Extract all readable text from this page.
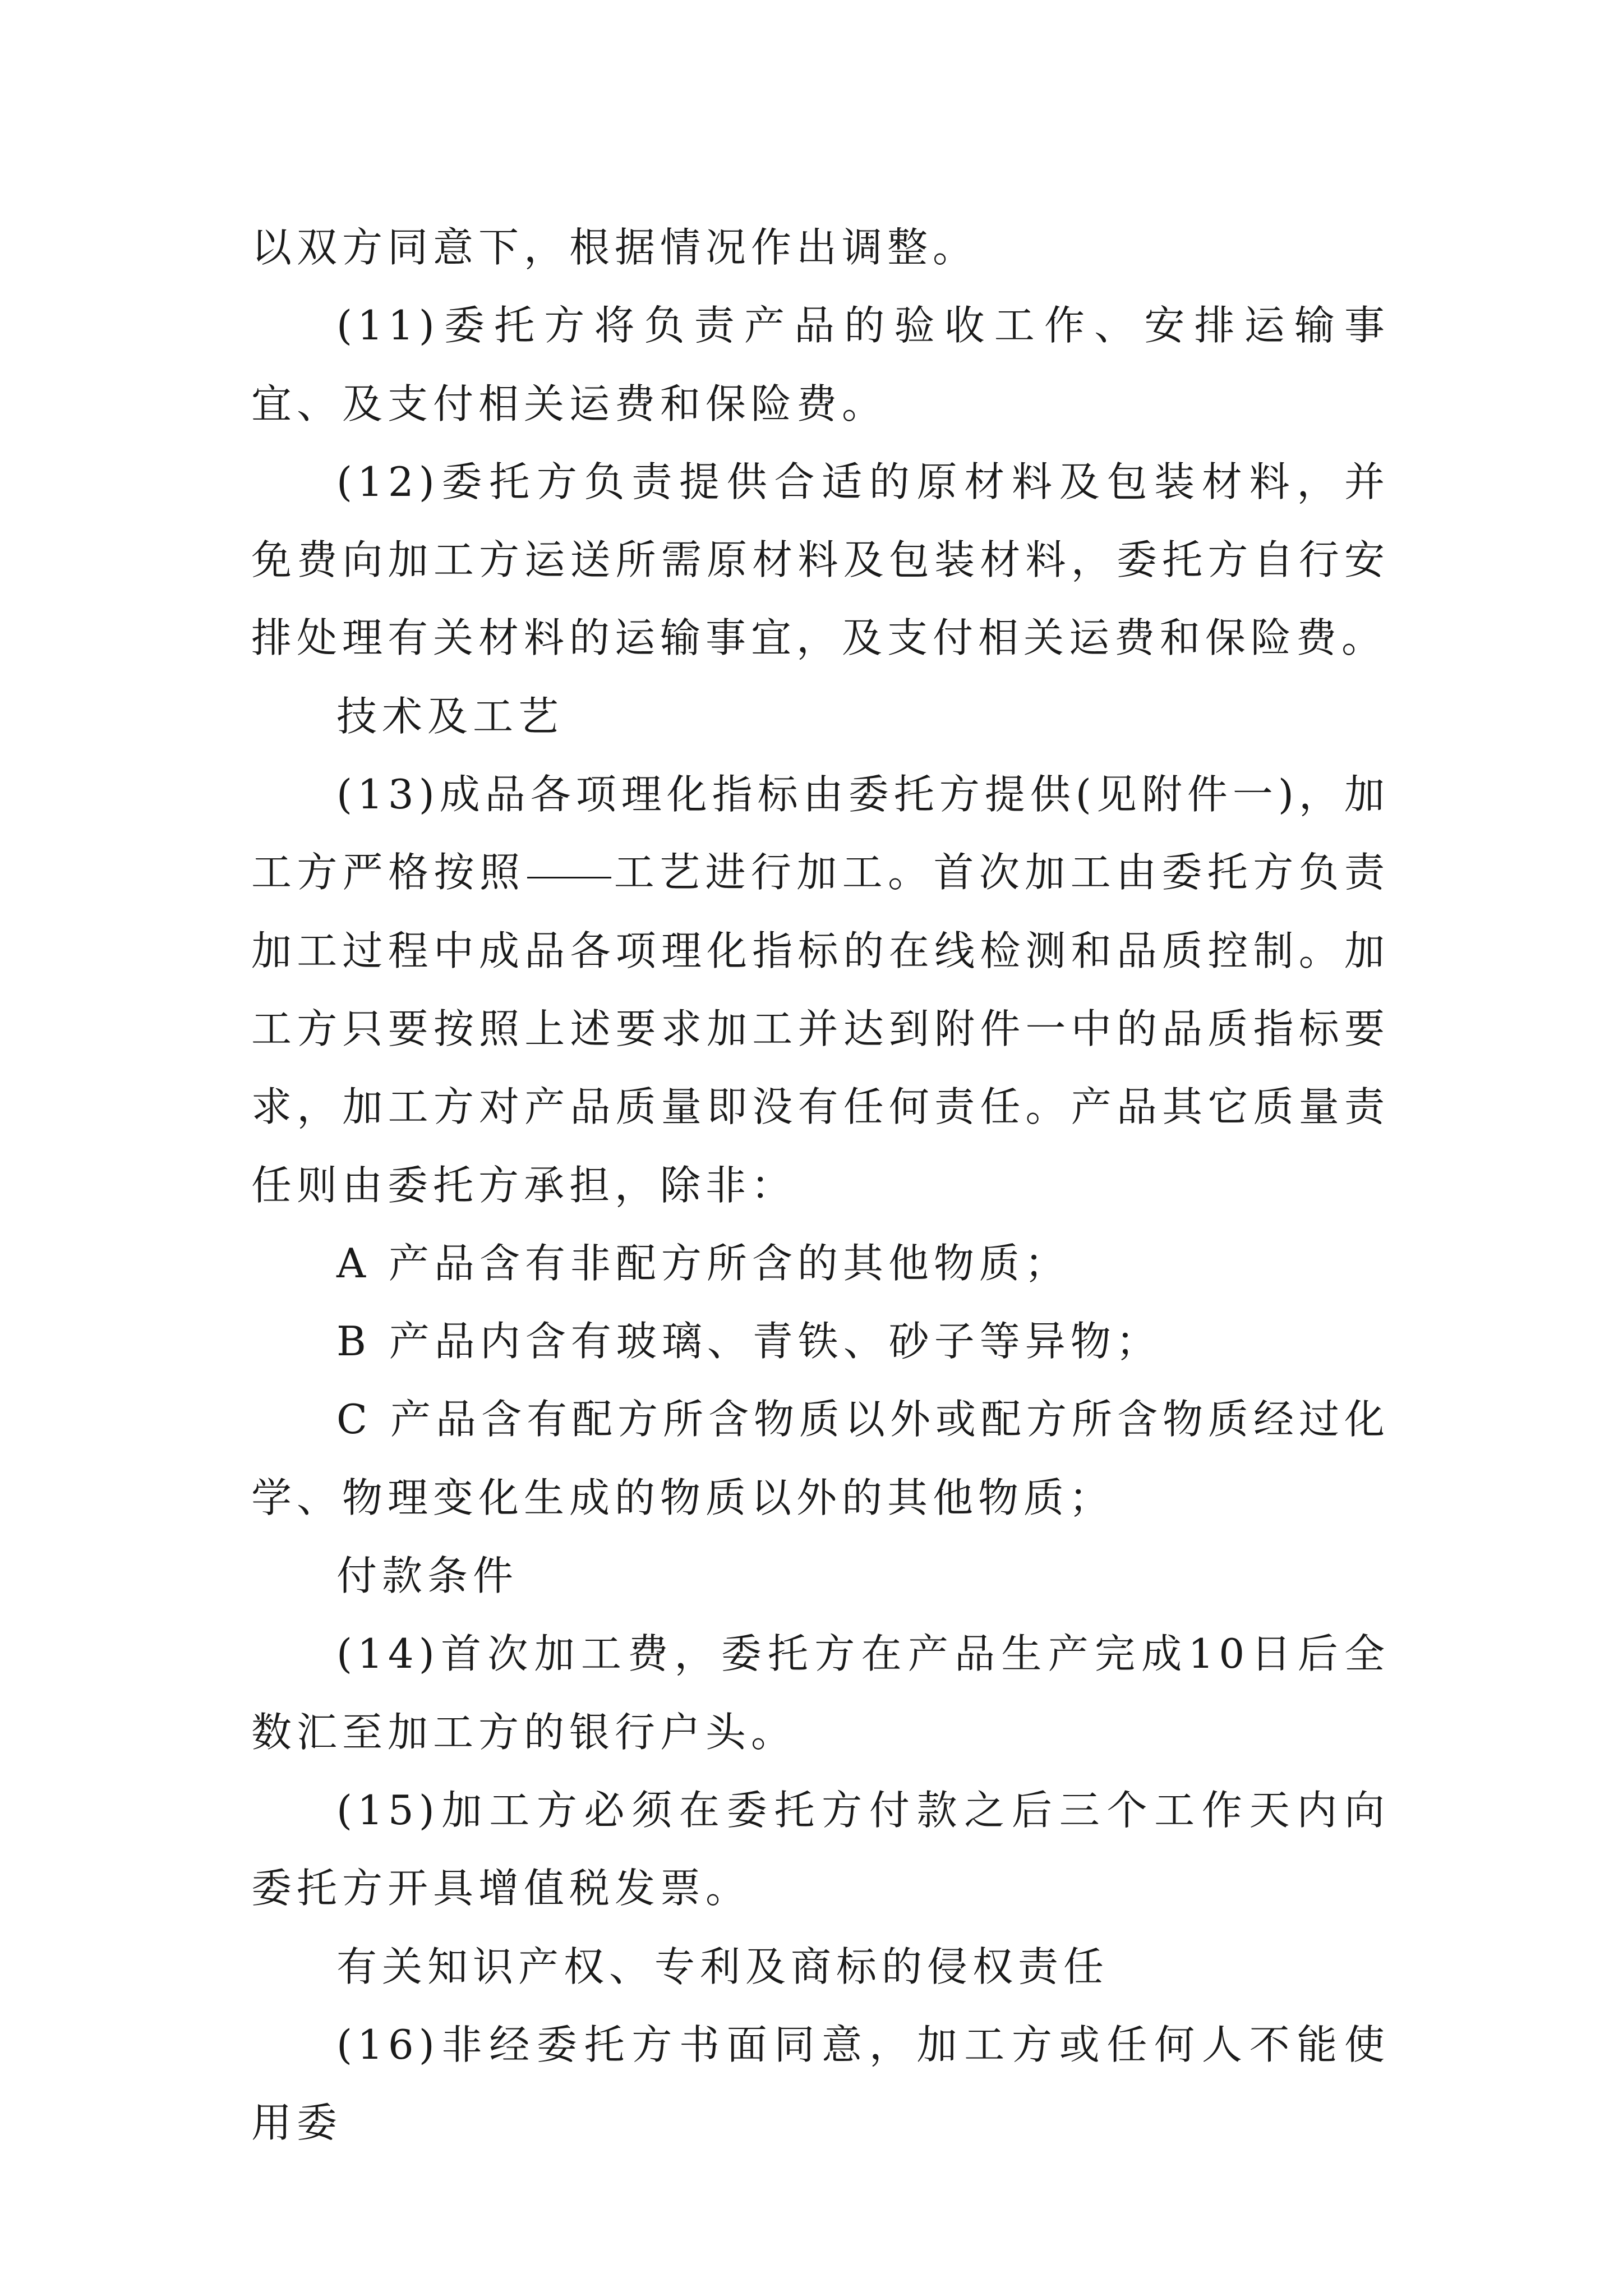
以双方同意下，根据情况作出调整。

(11)委托方将负责产品的验收工作、安排运输事宜、及支付相关运费和保险费。

(12)委托方负责提供合适的原材料及包装材料，并免费向加工方运送所需原材料及包装材料，委托方自行安排处理有关材料的运输事宜，及支付相关运费和保险费。

技术及工艺

(13)成品各项理化指标由委托方提供(见附件一)，加工方严格按照 工艺进行加工。首次加工由委托方负责加工过程中成品各项理化指标的在线检测和品质控制。加工方只要按照上述要求加工并达到附件一中的品质指标要求，加工方对产品质量即没有任何责任。产品其它质量责任则由委托方承担，除非：

A 产品含有非配方所含的其他物质；

B 产品内含有玻璃、青铁、砂子等异物；

C 产品含有配方所含物质以外或配方所含物质经过化学、物理变化生成的物质以外的其他物质；

付款条件

(14)首次加工费，委托方在产品生产完成10日后全数汇至加工方的银行户头。

(15)加工方必须在委托方付款之后三个工作天内向委托方开具增值税发票。

有关知识产权、专利及商标的侵权责任

(16)非经委托方书面同意，加工方或任何人不能使用委
